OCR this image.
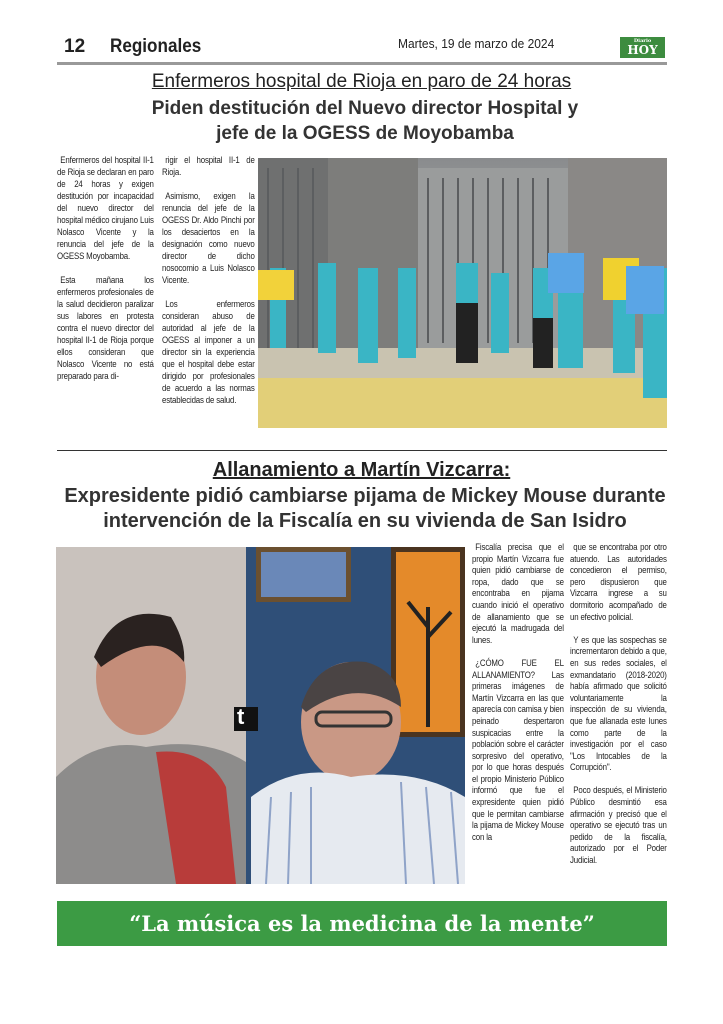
12 Regionales	Martes, 19 de marzo de 2024	Diario
HOY
Enfermeros hospital de Rioja en paro de 24 horas
Piden destitución del Nuevo director Hospital y
jefe de la OGESS de Moyobamba

Enfermeros del hospital II-1 de Rioja se declaran en paro de 24 horas y exigen destitución por incapacidad del nuevo director del hospital médico cirujano Luis Nolasco Vicente y la renuncia del jefe de la OGESS Moyobamba.

Esta mañana los enfermeros profesionales de la salud decidieron paralizar sus labores en protesta contra el nuevo director del hospital II-1 de Rioja porque ellos consideran que Nolasco Vicente no está preparado para di-

rigir el hospital II-1 de Rioja.

Asimismo, exigen la renuncia del jefe de la OGESS Dr. Aldo Pinchi por los desaciertos en la designación como nuevo director de dicho nosocomio a Luis Nolasco Vicente.

Los enfermeros consideran abuso de autoridad al jefe de la OGESS al imponer a un director sin la experiencia que el hospital debe estar dirigido por profesionales de acuerdo a las normas establecidas de salud.

Allanamiento a Martín Vizcarra:
Expresidente pidió cambiarse pijama de Mickey Mouse durante
intervención de la Fiscalía en su vivienda de San Isidro
t

Fiscalía precisa que el propio Martín Vizcarra fue quien pidió cambiarse de ropa, dado que se encontraba en pijama cuando inició el operativo de allanamiento que se ejecutó la madrugada del lunes.

¿CÓMO FUE EL ALLANAMIENTO? Las primeras imágenes de Martín Vizcarra en las que aparecía con camisa y bien peinado despertaron suspicacias entre la población sobre el carácter sorpresivo del operativo, por lo que horas después el propio Ministerio Público informó que fue el expresidente quien pidió que le permitan cambiarse la pijama de Mickey Mouse con la

que se encontraba por otro atuendo. Las autoridades concedieron el permiso, pero dispusieron que Vizcarra ingrese a su dormitorio acompañado de un efectivo policial.

Y es que las sospechas se incrementaron debido a que, en sus redes sociales, el exmandatario (2018-2020) había afirmado que solicitó voluntariamente la inspección de su vivienda, que fue allanada este lunes como parte de la investigación por el caso "Los Intocables de la Corrupción".

Poco después, el Ministerio Público desmintió esa afirmación y precisó que el operativo se ejecutó tras un pedido de la fiscalía, autorizado por el Poder Judicial.

“La música es la medicina de la mente”
